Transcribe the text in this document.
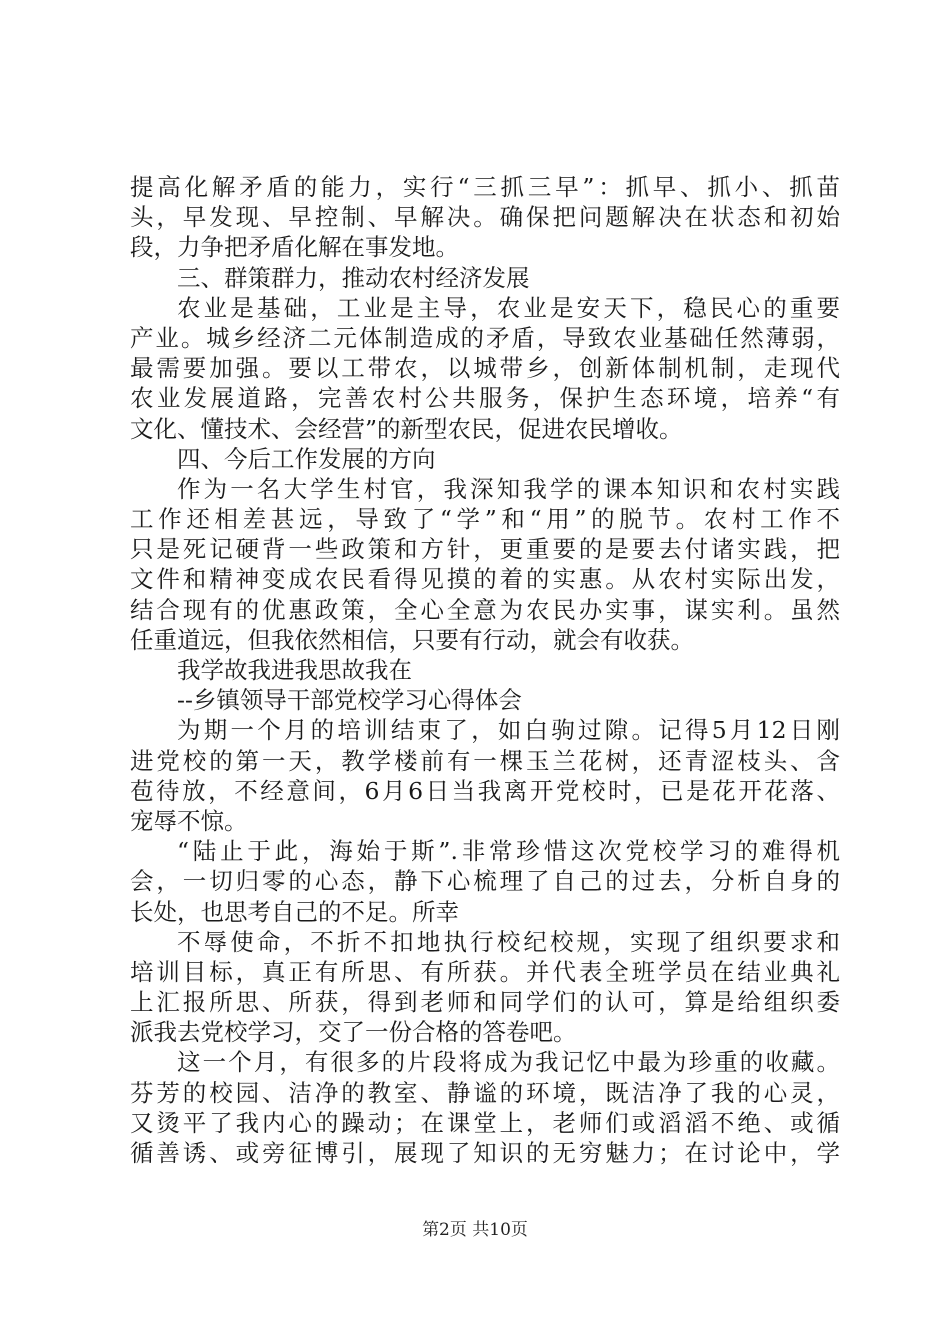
提高化解矛盾的能力，实行“三抓三早”：抓早、抓小、抓苗
头，早发现、早控制、早解决。确保把问题解决在状态和初始
段，力争把矛盾化解在事发地。
三、群策群力，推动农村经济发展
农业是基础，工业是主导，农业是安天下，稳民心的重要
产业。城乡经济二元体制造成的矛盾，导致农业基础任然薄弱，
最需要加强。要以工带农，以城带乡，创新体制机制，走现代
农业发展道路，完善农村公共服务，保护生态环境，培养“有
文化、懂技术、会经营”的新型农民，促进农民增收。
四、今后工作发展的方向
作为一名大学生村官，我深知我学的课本知识和农村实践
工作还相差甚远，导致了“学”和“用”的脱节。农村工作不
只是死记硬背一些政策和方针，更重要的是要去付诸实践，把
文件和精神变成农民看得见摸的着的实惠。从农村实际出发，
结合现有的优惠政策，全心全意为农民办实事，谋实利。虽然
任重道远，但我依然相信，只要有行动，就会有收获。
我学故我进我思故我在
--乡镇领导干部党校学习心得体会
为期一个月的培训结束了，如白驹过隙。记得5月12日刚
进党校的第一天，教学楼前有一棵玉兰花树，还青涩枝头、含
苞待放，不经意间，6月6日当我离开党校时，已是花开花落、
宠辱不惊。
“陆止于此，海始于斯”.非常珍惜这次党校学习的难得机
会，一切归零的心态，静下心梳理了自己的过去，分析自身的
长处，也思考自己的不足。所幸
不辱使命，不折不扣地执行校纪校规，实现了组织要求和
培训目标，真正有所思、有所获。并代表全班学员在结业典礼
上汇报所思、所获，得到老师和同学们的认可，算是给组织委
派我去党校学习，交了一份合格的答卷吧。
这一个月，有很多的片段将成为我记忆中最为珍重的收藏。
芬芳的校园、洁净的教室、静谧的环境，既洁净了我的心灵，
又烫平了我内心的躁动；在课堂上，老师们或滔滔不绝、或循
循善诱、或旁征博引，展现了知识的无穷魅力；在讨论中，学
第2页 共10页
